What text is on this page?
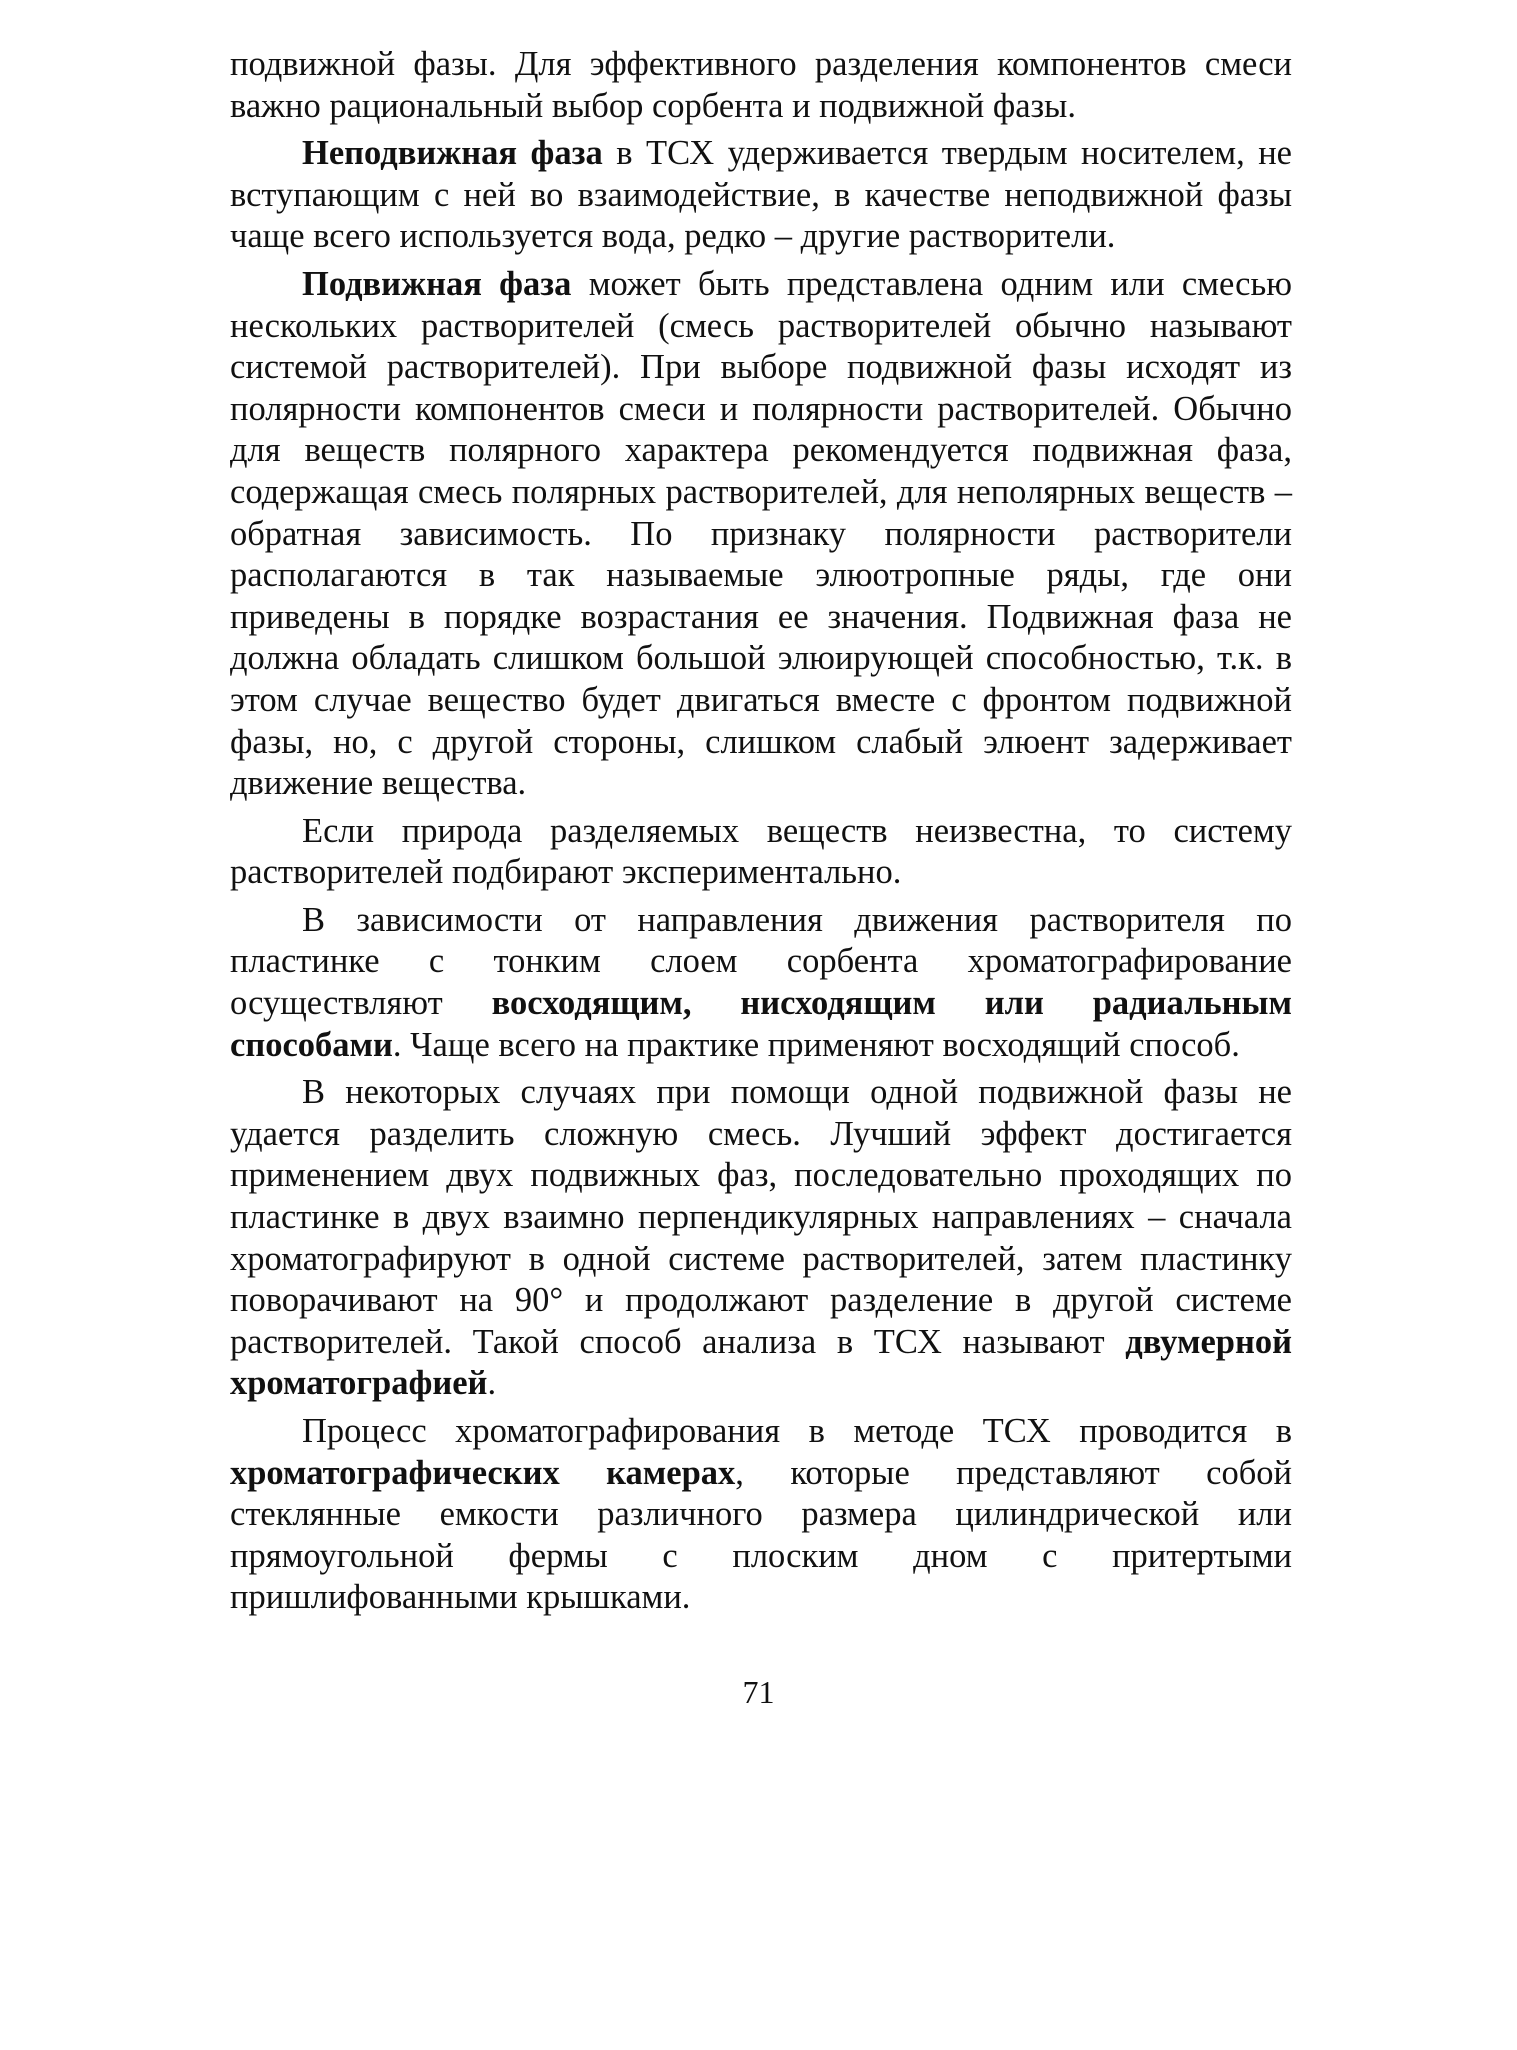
подвижной фазы. Для эффективного разделения компонентов смеси важно рациональный выбор сорбента и подвижной фазы.

Неподвижная фаза в ТСХ удерживается твердым носителем, не вступающим с ней во взаимодействие, в качестве неподвижной фазы чаще всего используется вода, редко – другие растворители.

Подвижная фаза может быть представлена одним или смесью нескольких растворителей (смесь растворителей обычно называют системой растворителей). При выборе подвижной фазы исходят из полярности компонентов смеси и полярности растворителей. Обычно для веществ полярного характера рекомендуется подвижная фаза, содержащая смесь полярных растворителей, для неполярных веществ – обратная зависимость. По признаку полярности растворители располагаются в так называемые элюотропные ряды, где они приведены в порядке возрастания ее значения. Подвижная фаза не должна обладать слишком большой элюирующей способностью, т.к. в этом случае вещество будет двигаться вместе с фронтом подвижной фазы, но, с другой стороны, слишком слабый элюент задерживает движение вещества.

Если природа разделяемых веществ неизвестна, то систему растворителей подбирают экспериментально.

В зависимости от направления движения растворителя по пластинке с тонким слоем сорбента хроматографирование осуществляют восходящим, нисходящим или радиальным способами. Чаще всего на практике применяют восходящий способ.

В некоторых случаях при помощи одной подвижной фазы не удается разделить сложную смесь. Лучший эффект достигается применением двух подвижных фаз, последовательно проходящих по пластинке в двух взаимно перпендикулярных направлениях – сначала хроматографируют в одной системе растворителей, затем пластинку поворачивают на 90° и продолжают разделение в другой системе растворителей. Такой способ анализа в ТСХ называют двумерной хроматографией.

Процесс хроматографирования в методе ТСХ проводится в хроматографических камерах, которые представляют собой стеклянные емкости различного размера цилиндрической или прямоугольной фермы с плоским дном с притертыми пришлифованными крышками.

71
